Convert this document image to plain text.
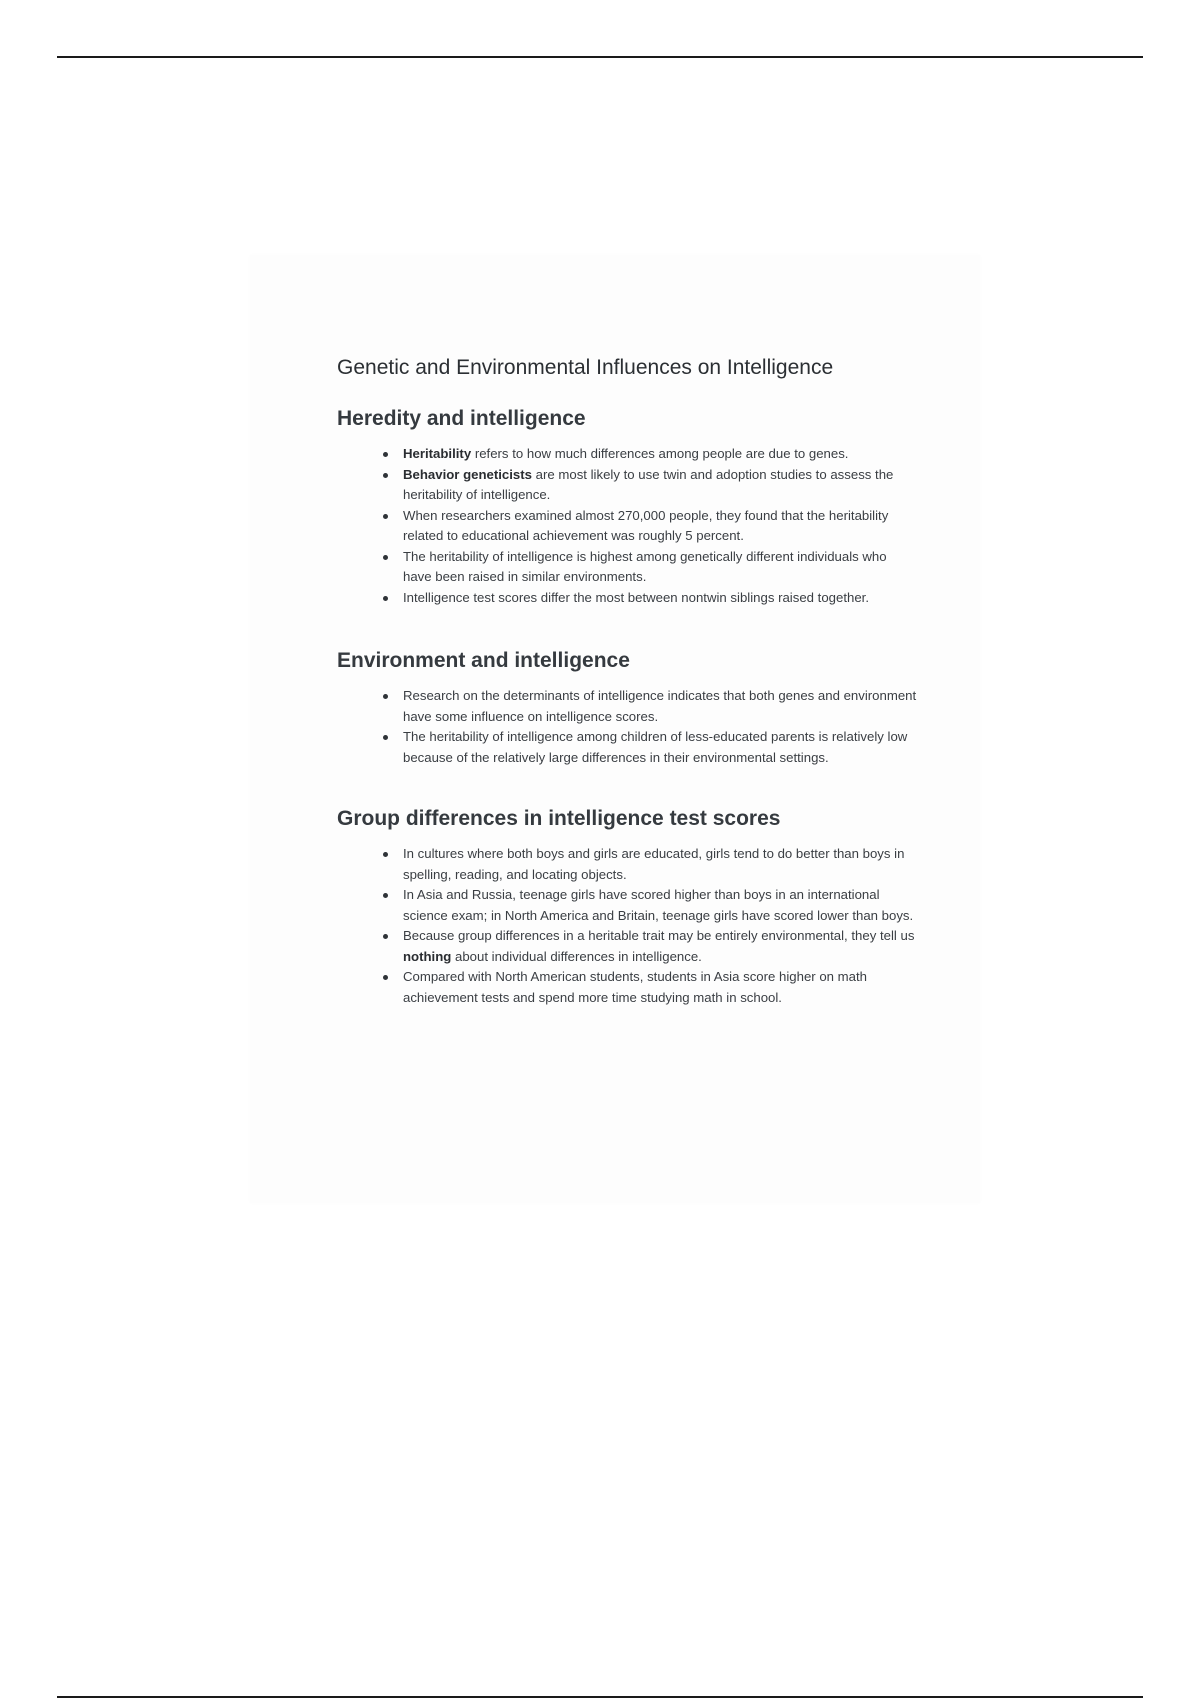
Genetic and Environmental Influences on Intelligence
Heredity and intelligence
Heritability refers to how much differences among people are due to genes.
Behavior geneticists are most likely to use twin and adoption studies to assess the heritability of intelligence.
When researchers examined almost 270,000 people, they found that the heritability related to educational achievement was roughly 5 percent.
The heritability of intelligence is highest among genetically different individuals who have been raised in similar environments.
Intelligence test scores differ the most between nontwin siblings raised together.
Environment and intelligence
Research on the determinants of intelligence indicates that both genes and environment have some influence on intelligence scores.
The heritability of intelligence among children of less-educated parents is relatively low because of the relatively large differences in their environmental settings.
Group differences in intelligence test scores
In cultures where both boys and girls are educated, girls tend to do better than boys in spelling, reading, and locating objects.
In Asia and Russia, teenage girls have scored higher than boys in an international science exam; in North America and Britain, teenage girls have scored lower than boys.
Because group differences in a heritable trait may be entirely environmental, they tell us nothing about individual differences in intelligence.
Compared with North American students, students in Asia score higher on math achievement tests and spend more time studying math in school.
